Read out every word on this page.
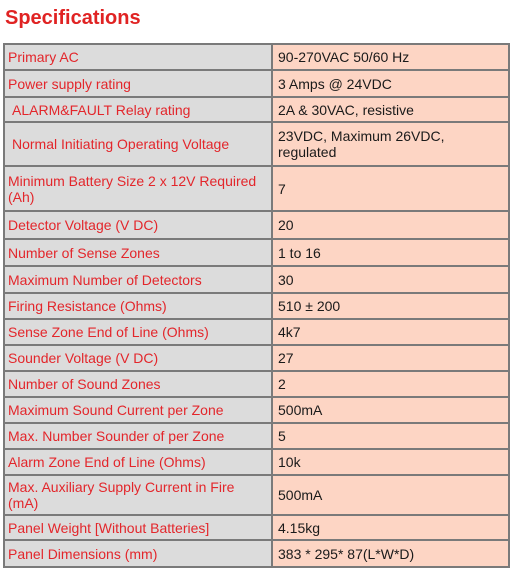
Specifications
Primary AC	90-270VAC 50/60 Hz
Power supply rating	3 Amps @ 24VDC
ALARM&FAULT Relay rating	2A & 30VAC, resistive
Normal Initiating Operating Voltage	23VDC, Maximum 26VDC, regulated
Minimum Battery Size 2 x 12V Required (Ah)	7
Detector Voltage (V DC)	20
Number of Sense Zones	1 to 16
Maximum Number of Detectors	30
Firing Resistance (Ohms)	510 ± 200
Sense Zone End of Line (Ohms)	4k7
Sounder Voltage (V DC)	27
Number of Sound Zones	2
Maximum Sound Current per Zone	500mA
Max. Number Sounder of per Zone	5
Alarm Zone End of Line (Ohms)	10k
Max. Auxiliary Supply Current in Fire (mA)	500mA
Panel Weight [Without Batteries]	4.15kg
Panel Dimensions (mm)	383 * 295* 87(L*W*D)
